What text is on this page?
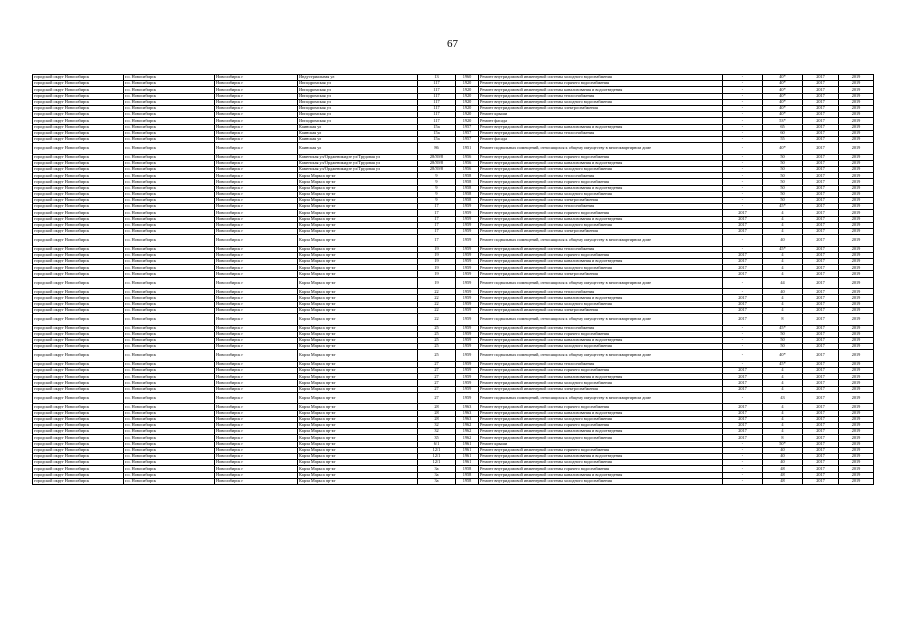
67
городской округ Новосибирск	г.о. Новосибирск	Новосибирск г	Индустриальная ул	13	1960	Ремонт внутридомовой инженерной системы холодного водоснабжения	-	40*	2017	2019
городской округ Новосибирск	г.о. Новосибирск	Новосибирск г	Ипподромская ул	117	1920	Ремонт внутридомовой инженерной системы горячего водоснабжения	-	40*	2017	2019
городской округ Новосибирск	г.о. Новосибирск	Новосибирск г	Ипподромская ул	117	1920	Ремонт внутридомовой инженерной системы канализования и водоотведения	-	40*	2017	2019
городской округ Новосибирск	г.о. Новосибирск	Новосибирск г	Ипподромская ул	117	1920	Ремонт внутридомовой инженерной системы теплоснабжения	-	40*	2017	2019
городской округ Новосибирск	г.о. Новосибирск	Новосибирск г	Ипподромская ул	117	1920	Ремонт внутридомовой инженерной системы холодного водоснабжения	-	40*	2017	2019
городской округ Новосибирск	г.о. Новосибирск	Новосибирск г	Ипподромская ул	117	1920	Ремонт внутридомовой инженерной системы электроснабжения	-	40*	2017	2019
городской округ Новосибирск	г.о. Новосибирск	Новосибирск г	Ипподромская ул	117	1920	Ремонт крыши	-	40*	2017	2019
городской округ Новосибирск	г.о. Новосибирск	Новосибирск г	Ипподромская ул	117	1920	Ремонт фасада	-	53*	2017	2019
городской округ Новосибирск	г.о. Новосибирск	Новосибирск г	Каинская ул	15а	1957	Ремонт внутридомовой инженерной системы канализования и водоотведения	-	65	2017	2019
городской округ Новосибирск	г.о. Новосибирск	Новосибирск г	Каинская ул	15а	1957	Ремонт внутридомовой инженерной системы теплоснабжения	-	60	2017	2019
городской округ Новосибирск	г.о. Новосибирск	Новосибирск г	Каинская ул	15а	1957	Ремонт фасада	-	55	2017	2019
городской округ Новосибирск	г.о. Новосибирск	Новосибирск г	Каинская ул	86	1951	Ремонт подвальных помещений, относящихся к общему имуществу в многоквартирном доме	-	40*	2017	2019
городской округ Новосибирск	г.о. Новосибирск	Новосибирск г	Каменская ул/Ордженикидзе ул/Трудовая ул	28/39/8	1956	Ремонт внутридомовой инженерной системы горячего водоснабжения	-	50	2017	2019
городской округ Новосибирск	г.о. Новосибирск	Новосибирск г	Каменская ул/Ордженикидзе ул/Трудовая ул	28/39/8	1956	Ремонт внутридомовой инженерной системы канализования и водоотведения	-	50	2017	2019
городской округ Новосибирск	г.о. Новосибирск	Новосибирск г	Каменская ул/Ордженикидзе ул/Трудовая ул	28/39/8	1956	Ремонт внутридомовой инженерной системы холодного водоснабжения	-	50	2017	2019
городской округ Новосибирск	г.о. Новосибирск	Новосибирск г	Карла Маркса пр-кт	9	1958	Ремонт внутридомовой инженерной системы теплоснабжения	-	50	2017	2019
городской округ Новосибирск	г.о. Новосибирск	Новосибирск г	Карла Маркса пр-кт	9	1958	Ремонт внутридомовой инженерной системы горячего водоснабжения	-	50	2017	2019
городской округ Новосибирск	г.о. Новосибирск	Новосибирск г	Карла Маркса пр-кт	9	1958	Ремонт внутридомовой инженерной системы канализования и водоотведения	-	50	2017	2019
городской округ Новосибирск	г.о. Новосибирск	Новосибирск г	Карла Маркса пр-кт	9	1958	Ремонт внутридомовой инженерной системы холодного водоснабжения	-	50	2017	2019
городской округ Новосибирск	г.о. Новосибирск	Новосибирск г	Карла Маркса пр-кт	9	1958	Ремонт внутридомовой инженерной системы электроснабжения	-	50	2017	2019
городской округ Новосибирск	г.о. Новосибирск	Новосибирск г	Карла Маркса пр-кт	17	1959	Ремонт внутридомовой инженерной системы теплоснабжения	-	45*	2017	2019
городской округ Новосибирск	г.о. Новосибирск	Новосибирск г	Карла Маркса пр-кт	17	1959	Ремонт внутридомовой инженерной системы горячего водоснабжения	2017	4	2017	2019
городской округ Новосибирск	г.о. Новосибирск	Новосибирск г	Карла Маркса пр-кт	17	1959	Ремонт внутридомовой инженерной системы канализования и водоотведения	2017	4	2017	2019
городской округ Новосибирск	г.о. Новосибирск	Новосибирск г	Карла Маркса пр-кт	17	1959	Ремонт внутридомовой инженерной системы холодного водоснабжения	2017	4	2017	2019
городской округ Новосибирск	г.о. Новосибирск	Новосибирск г	Карла Маркса пр-кт	17	1959	Ремонт внутридомовой инженерной системы электроснабжения	2017	4	2017	2019
городской округ Новосибирск	г.о. Новосибирск	Новосибирск г	Карла Маркса пр-кт	17	1959	Ремонт подвальных помещений, относящихся к общему имуществу в многоквартирном доме	-	40	2017	2019
городской округ Новосибирск	г.о. Новосибирск	Новосибирск г	Карла Маркса пр-кт	19	1959	Ремонт внутридомовой инженерной системы теплоснабжения	-	45*	2017	2019
городской округ Новосибирск	г.о. Новосибирск	Новосибирск г	Карла Маркса пр-кт	19	1959	Ремонт внутридомовой инженерной системы горячего водоснабжения	2017	4	2017	2019
городской округ Новосибирск	г.о. Новосибирск	Новосибирск г	Карла Маркса пр-кт	19	1959	Ремонт внутридомовой инженерной системы канализования и водоотведения	2017	4	2017	2019
городской округ Новосибирск	г.о. Новосибирск	Новосибирск г	Карла Маркса пр-кт	19	1959	Ремонт внутридомовой инженерной системы холодного водоснабжения	2017	4	2017	2019
городской округ Новосибирск	г.о. Новосибирск	Новосибирск г	Карла Маркса пр-кт	19	1959	Ремонт внутридомовой инженерной системы электроснабжения	2017	4	2017	2019
городской округ Новосибирск	г.о. Новосибирск	Новосибирск г	Карла Маркса пр-кт	19	1959	Ремонт подвальных помещений, относящихся к общему имуществу в многоквартирном доме	-	44	2017	2019
городской округ Новосибирск	г.о. Новосибирск	Новосибирск г	Карла Маркса пр-кт	22	1959	Ремонт внутридомовой инженерной системы теплоснабжения	-	40	2017	2019
городской округ Новосибирск	г.о. Новосибирск	Новосибирск г	Карла Маркса пр-кт	22	1959	Ремонт внутридомовой инженерной системы канализования и водоотведения	2017	4	2017	2019
городской округ Новосибирск	г.о. Новосибирск	Новосибирск г	Карла Маркса пр-кт	22	1959	Ремонт внутридомовой инженерной системы холодного водоснабжения	2017	4	2017	2019
городской округ Новосибирск	г.о. Новосибирск	Новосибирск г	Карла Маркса пр-кт	22	1959	Ремонт внутридомовой инженерной системы электроснабжения	2017	4	2017	2019
городской округ Новосибирск	г.о. Новосибирск	Новосибирск г	Карла Маркса пр-кт	22	1959	Ремонт подвальных помещений, относящихся к общему имуществу в многоквартирном доме	2017	8	2017	2019
городской округ Новосибирск	г.о. Новосибирск	Новосибирск г	Карла Маркса пр-кт	25	1959	Ремонт внутридомовой инженерной системы теплоснабжения	-	45*	2017	2019
городской округ Новосибирск	г.о. Новосибирск	Новосибирск г	Карла Маркса пр-кт	25	1959	Ремонт внутридомовой инженерной системы горячего водоснабжения	-	50	2017	2019
городской округ Новосибирск	г.о. Новосибирск	Новосибирск г	Карла Маркса пр-кт	25	1959	Ремонт внутридомовой инженерной системы канализования и водоотведения	-	50	2017	2019
городской округ Новосибирск	г.о. Новосибирск	Новосибирск г	Карла Маркса пр-кт	25	1959	Ремонт внутридомовой инженерной системы холодного водоснабжения	-	50	2017	2019
городской округ Новосибирск	г.о. Новосибирск	Новосибирск г	Карла Маркса пр-кт	25	1959	Ремонт подвальных помещений, относящихся к общему имуществу в многоквартирном доме	-	40*	2017	2019
городской округ Новосибирск	г.о. Новосибирск	Новосибирск г	Карла Маркса пр-кт	27	1959	Ремонт внутридомовой инженерной системы теплоснабжения	-	45*	2017	2019
городской округ Новосибирск	г.о. Новосибирск	Новосибирск г	Карла Маркса пр-кт	27	1959	Ремонт внутридомовой инженерной системы горячего водоснабжения	2017	4	2017	2019
городской округ Новосибирск	г.о. Новосибирск	Новосибирск г	Карла Маркса пр-кт	27	1959	Ремонт внутридомовой инженерной системы канализования и водоотведения	2017	4	2017	2019
городской округ Новосибирск	г.о. Новосибирск	Новосибирск г	Карла Маркса пр-кт	27	1959	Ремонт внутридомовой инженерной системы холодного водоснабжения	2017	4	2017	2019
городской округ Новосибирск	г.о. Новосибирск	Новосибирск г	Карла Маркса пр-кт	27	1959	Ремонт внутридомовой инженерной системы электроснабжения	2017	4	2017	2019
городской округ Новосибирск	г.о. Новосибирск	Новосибирск г	Карла Маркса пр-кт	27	1959	Ремонт подвальных помещений, относящихся к общему имуществу в многоквартирном доме	-	43	2017	2019
городской округ Новосибирск	г.о. Новосибирск	Новосибирск г	Карла Маркса пр-кт	28	1963	Ремонт внутридомовой инженерной системы горячего водоснабжения	2017	4	2017	2019
городской округ Новосибирск	г.о. Новосибирск	Новосибирск г	Карла Маркса пр-кт	28	1963	Ремонт внутридомовой инженерной системы канализования и водоотведения	2017	4	2017	2019
городской округ Новосибирск	г.о. Новосибирск	Новосибирск г	Карла Маркса пр-кт	28	1963	Ремонт внутридомовой инженерной системы холодного водоснабжения	2017	4	2017	2019
городской округ Новосибирск	г.о. Новосибирск	Новосибирск г	Карла Маркса пр-кт	32	1962	Ремонт внутридомовой инженерной системы горячего водоснабжения	2017	4	2017	2019
городской округ Новосибирск	г.о. Новосибирск	Новосибирск г	Карла Маркса пр-кт	32	1962	Ремонт внутридомовой инженерной системы канализования и водоотведения	2017	4	2017	2019
городской округ Новосибирск	г.о. Новосибирск	Новосибирск г	Карла Маркса пр-кт	35	1962	Ремонт внутридомовой инженерной системы холодного водоснабжения	2017	8	2017	2019
городской округ Новосибирск	г.о. Новосибирск	Новосибирск г	Карла Маркса пр-кт	6/1	1961	Ремонт крыши	-	50*	2017	2019
городской округ Новосибирск	г.о. Новосибирск	Новосибирск г	Карла Маркса пр-кт	12/1	1961	Ремонт внутридомовой инженерной системы горячего водоснабжения	-	40	2017	2019
городской округ Новосибирск	г.о. Новосибирск	Новосибирск г	Карла Маркса пр-кт	12/1	1961	Ремонт внутридомовой инженерной системы канализования и водоотведения	-	40	2017	2019
городской округ Новосибирск	г.о. Новосибирск	Новосибирск г	Карла Маркса пр-кт	12/1	1961	Ремонт внутридомовой инженерной системы холодного водоснабжения	-	40	2017	2019
городской округ Новосибирск	г.о. Новосибирск	Новосибирск г	Карла Маркса пр-кт	3а	1958	Ремонт внутридомовой инженерной системы горячего водоснабжения	-	48	2017	2019
городской округ Новосибирск	г.о. Новосибирск	Новосибирск г	Карла Маркса пр-кт	3а	1958	Ремонт внутридомовой инженерной системы канализования и водоотведения	-	48	2017	2019
городской округ Новосибирск	г.о. Новосибирск	Новосибирск г	Карла Маркса пр-кт	3а	1958	Ремонт внутридомовой инженерной системы холодного водоснабжения	-	48	2017	2019
